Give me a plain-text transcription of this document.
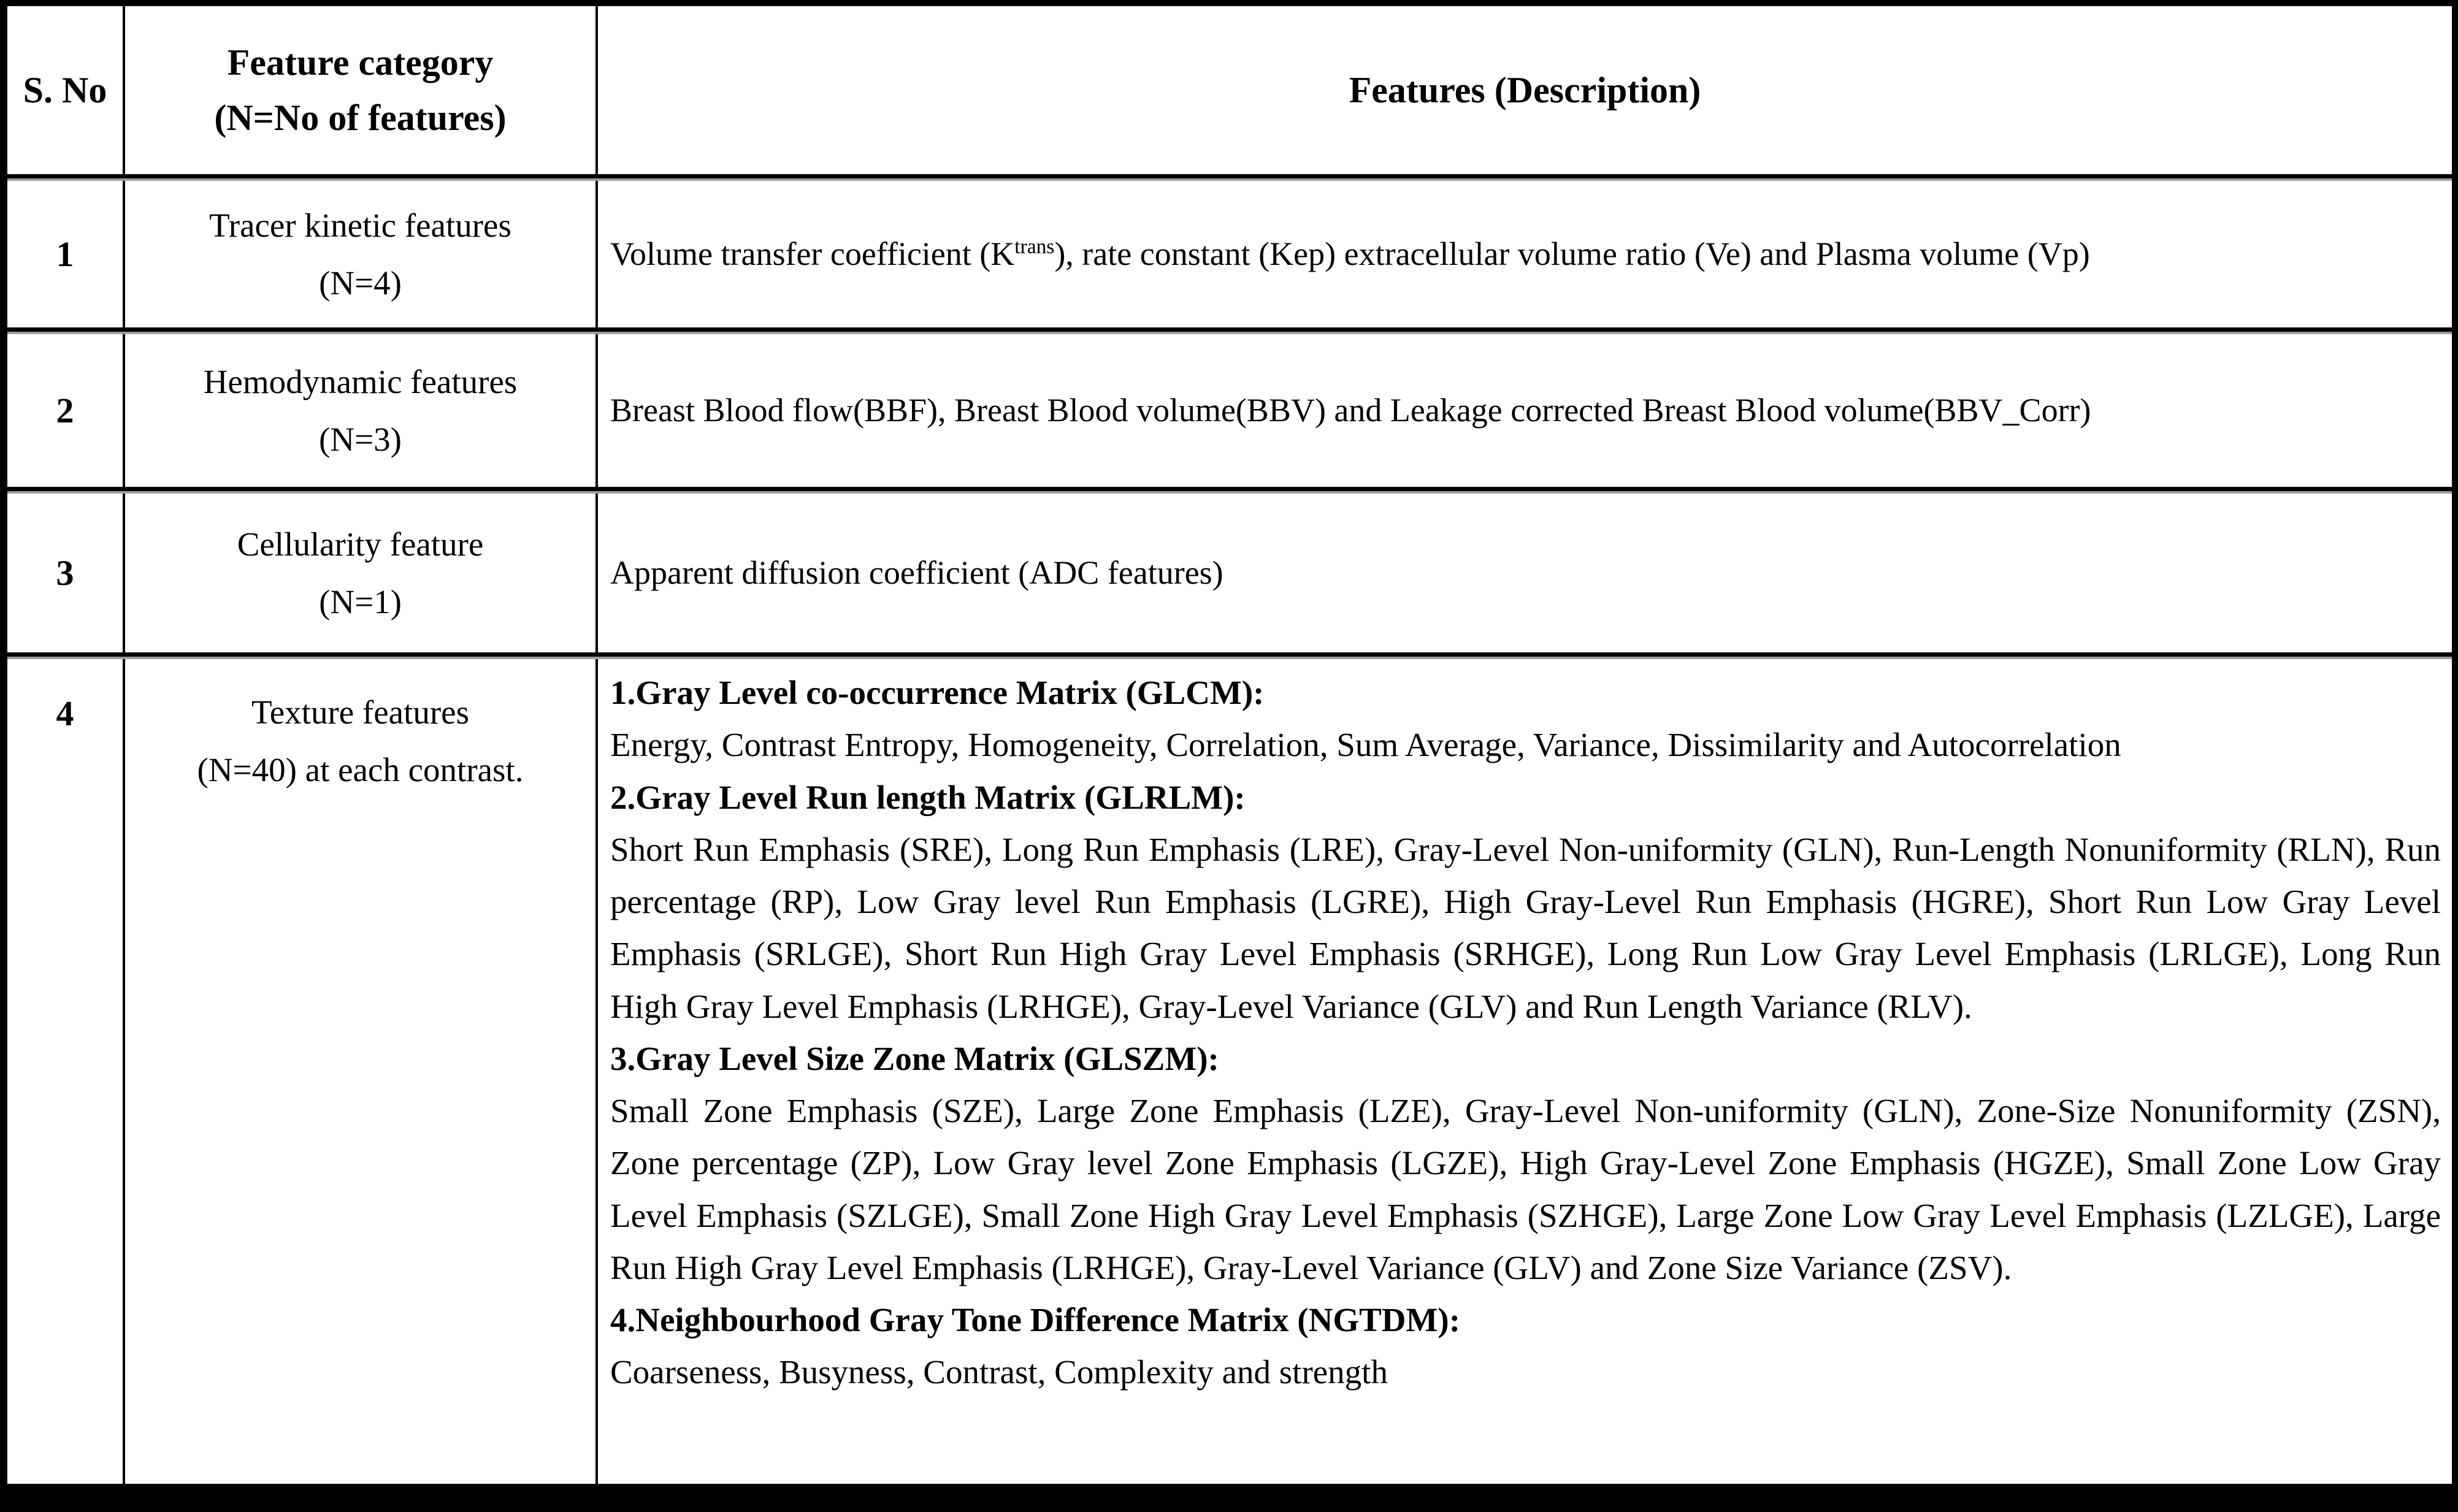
S. No
Feature category
(N=No of features)
Features (Description)
1
Tracer kinetic features
(N=4)
Volume transfer coefficient $(K^{trans})$, rate constant (Kep) extracellular volume ratio (Ve) and Plasma volume (Vp)
2
Hemodynamic features
(N=3)
Breast Blood flow(BBF), Breast Blood volume(BBV) and Leakage corrected Breast Blood volume(BBV_Corr)
3
Cellularity feature
(N=1)
Apparent diffusion coefficient (ADC features)
4	Texture features
(N=40) at each contrast.
1.Gray Level co-occurrence Matrix (GLCM):
Energy, Contrast Entropy, Homogeneity, Correlation, Sum Average, Variance, Dissimilarity and Autocorrelation
2.Gray Level Run length Matrix (GLRLM):
Short Run Emphasis (SRE), Long Run Emphasis (LRE), Gray-Level Non-uniformity (GLN), Run-Length Nonuniformity (RLN), Run percentage (RP), Low Gray level Run Emphasis (LGRE), High Gray-Level Run Emphasis (HGRE), Short Run Low Gray Level Emphasis (SRLGE), Short Run High Gray Level Emphasis (SRHGE), Long Run Low Gray Level Emphasis (LRLGE), Long Run High Gray Level Emphasis (LRHGE), Gray-Level Variance (GLV) and Run Length Variance (RLV).
3.Gray Level Size Zone Matrix (GLSZM):
Small Zone Emphasis (SZE), Large Zone Emphasis (LZE), Gray-Level Non-uniformity (GLN), Zone-Size Nonuniformity (ZSN), Zone percentage (ZP), Low Gray level Zone Emphasis (LGZE), High Gray-Level Zone Emphasis (HGZE), Small Zone Low Gray Level Emphasis (SZLGE), Small Zone High Gray Level Emphasis (SZHGE), Large Zone Low Gray Level Emphasis (LZLGE), Large Run High Gray Level Emphasis (LRHGE), Gray-Level Variance (GLV) and Zone Size Variance (ZSV).
4.Neighbourhood Gray Tone Difference Matrix (NGTDM):
Coarseness, Busyness, Contrast, Complexity and strength
